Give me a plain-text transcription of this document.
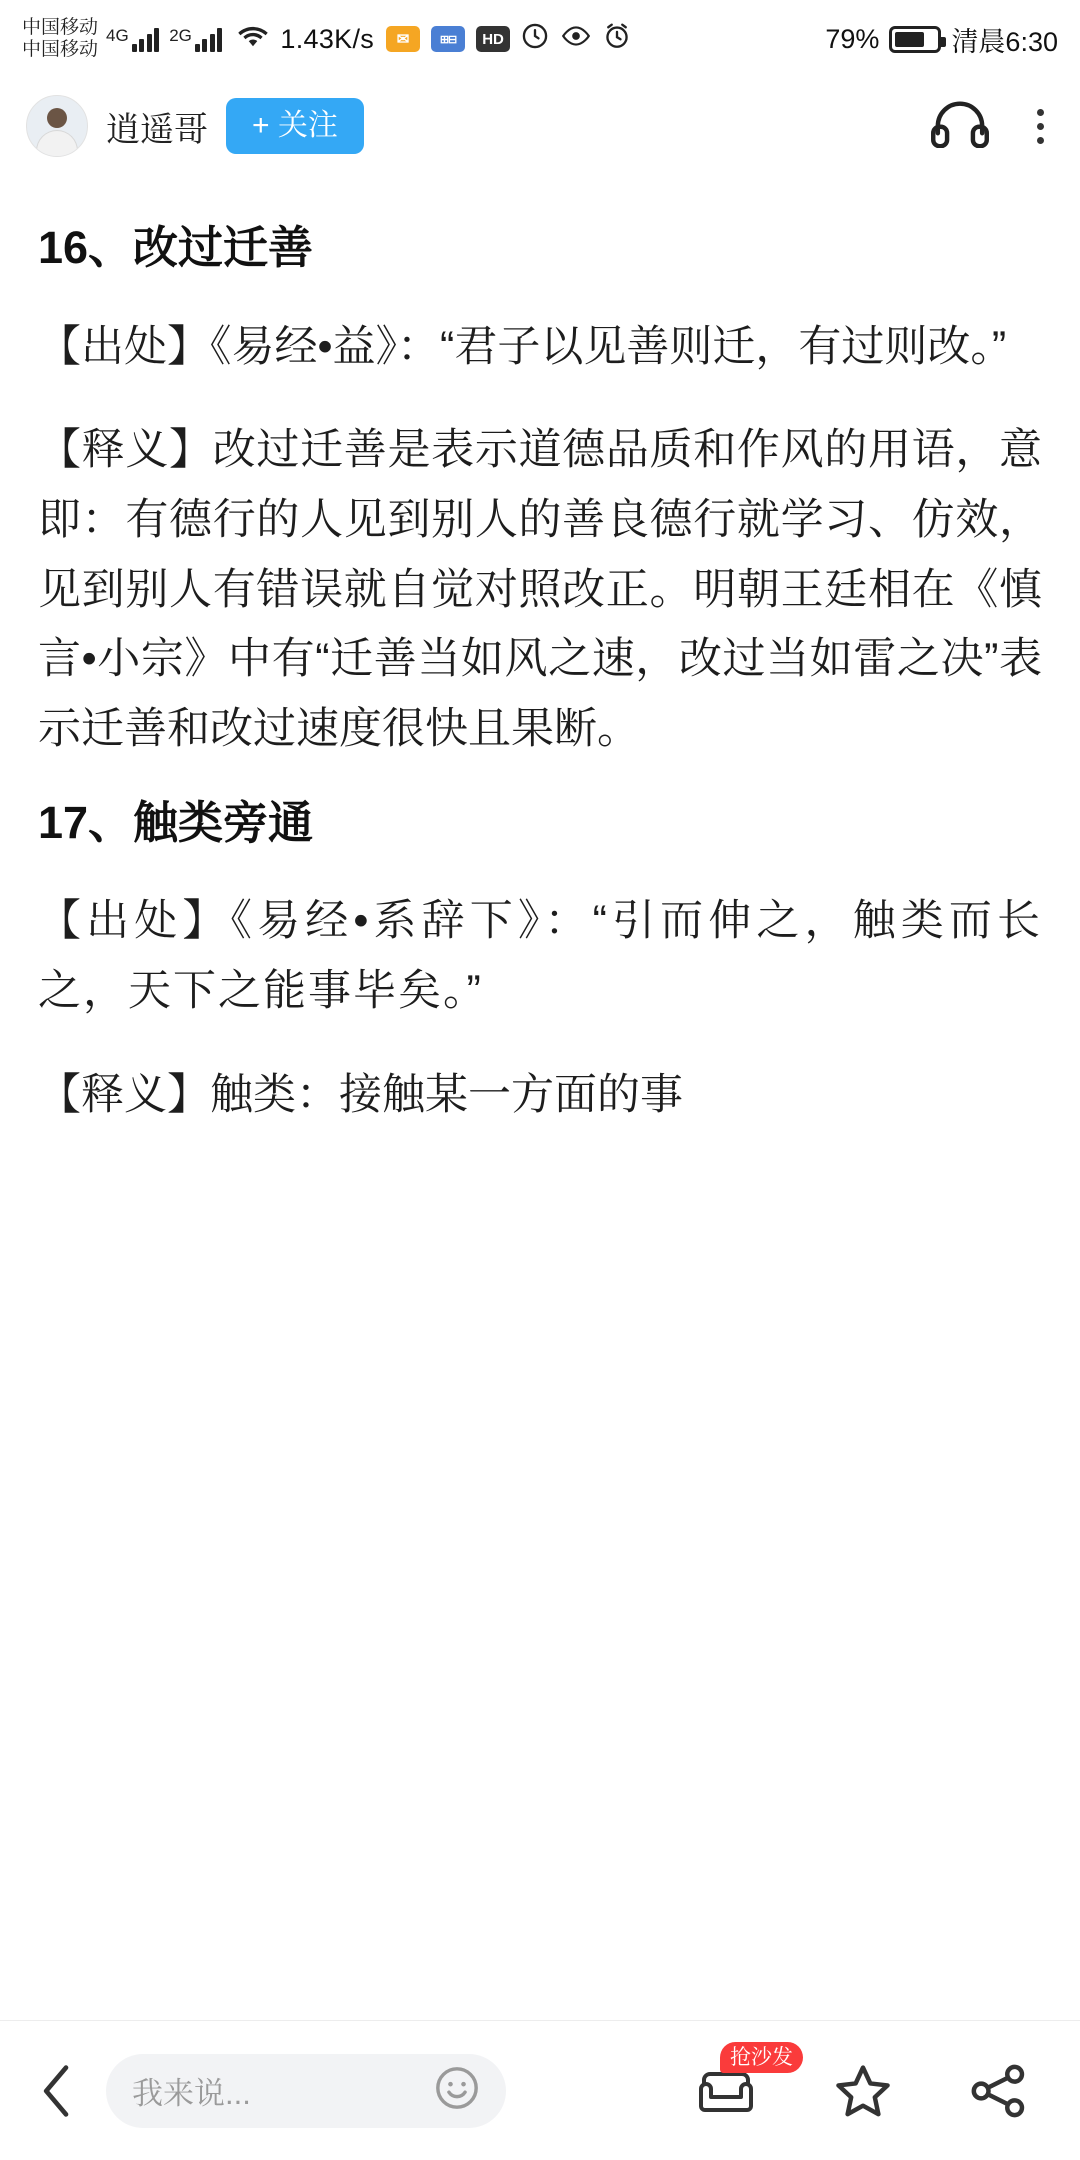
中国移动
中国移动
4G 2G	1.43K/s	✉	⊞⊟	HD	79%	清晨6:30
逍遥哥	+ 关注
16、改过迁善

【出处】《易经•益》：“君子以见善则迁，有过则改。”

【释义】改过迁善是表示道德品质和作风的用语，意即：有德行的人见到别人的善良德行就学习、仿效，见到别人有错误就自觉对照改正。明朝王廷相在《慎言•小宗》中有“迁善当如风之速，改过当如雷之决”表示迁善和改过速度很快且果断。

17、触类旁通

【出处】《易经•系辞下》：“引而伸之，触类而长之，天下之能事毕矣。”

【释义】触类：接触某一方面的事

我来说...
抢沙发
